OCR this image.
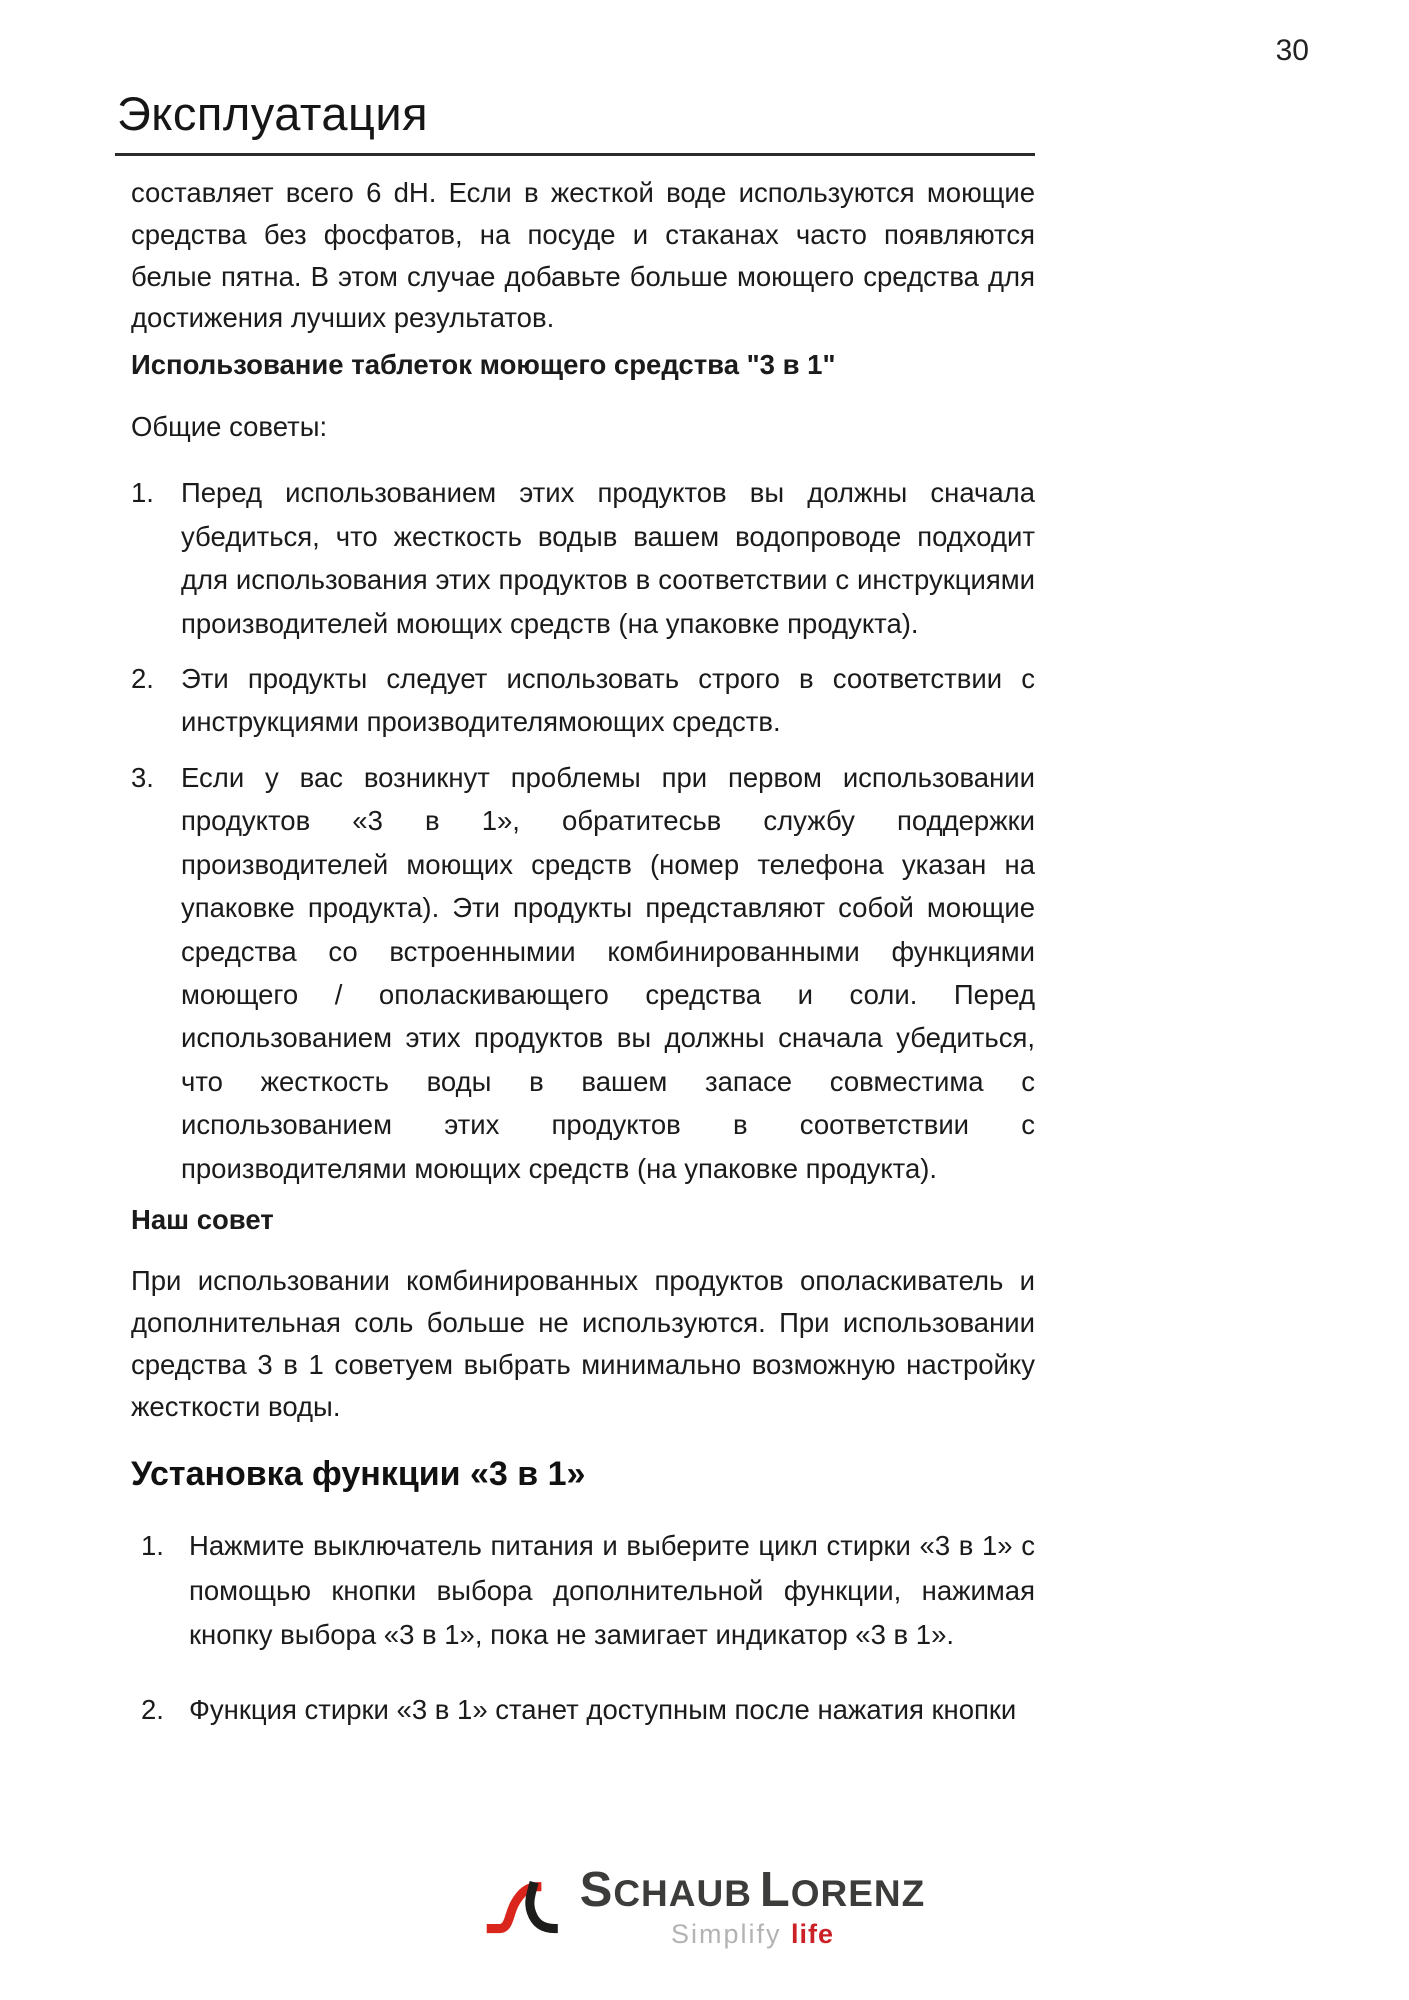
30
Эксплуатация

составляет всего 6 dH. Если в жесткой воде используются моющие средства без фосфатов, на посуде и стаканах часто появляются белые пятна. В этом случае добавьте больше моющего средства для достижения лучших результатов.

Использование таблеток моющего средства "3 в 1"

Общие советы:

1. Перед использованием этих продуктов вы должны сначала убедиться, что жесткость водыв вашем водопроводе подходит для использования этих продуктов в соответствии с инструкциями производителей моющих средств (на упаковке продукта).
2. Эти продукты следует использовать строго в соответствии с инструкциями производителямоющих средств.
3. Если у вас возникнут проблемы при первом использовании продуктов «3 в 1», обратитесьв службу поддержки производителей моющих средств (номер телефона указан на упаковке продукта). Эти продукты представляют собой моющие средства со встроеннымии комбинированными функциями моющего / ополаскивающего средства и соли. Перед использованием этих продуктов вы должны сначала убедиться, что жесткость воды в вашем запасе совместима с использованием этих продуктов в соответствии с производителями моющих средств (на упаковке продукта).

Наш совет

При использовании комбинированных продуктов ополаскиватель и дополнительная соль больше не используются. При использовании средства 3 в 1 советуем выбрать минимально возможную настройку жесткости воды.

Установка функции «3 в 1»
1. Нажмите выключатель питания и выберите цикл стирки «3 в 1» с помощью кнопки выбора дополнительной функции, нажимая кнопку выбора «3 в 1», пока не замигает индикатор «3 в 1».
2. Функция стирки «3 в 1» станет доступным после нажатия кнопки
SCHAUB LORENZ
Simplify life
